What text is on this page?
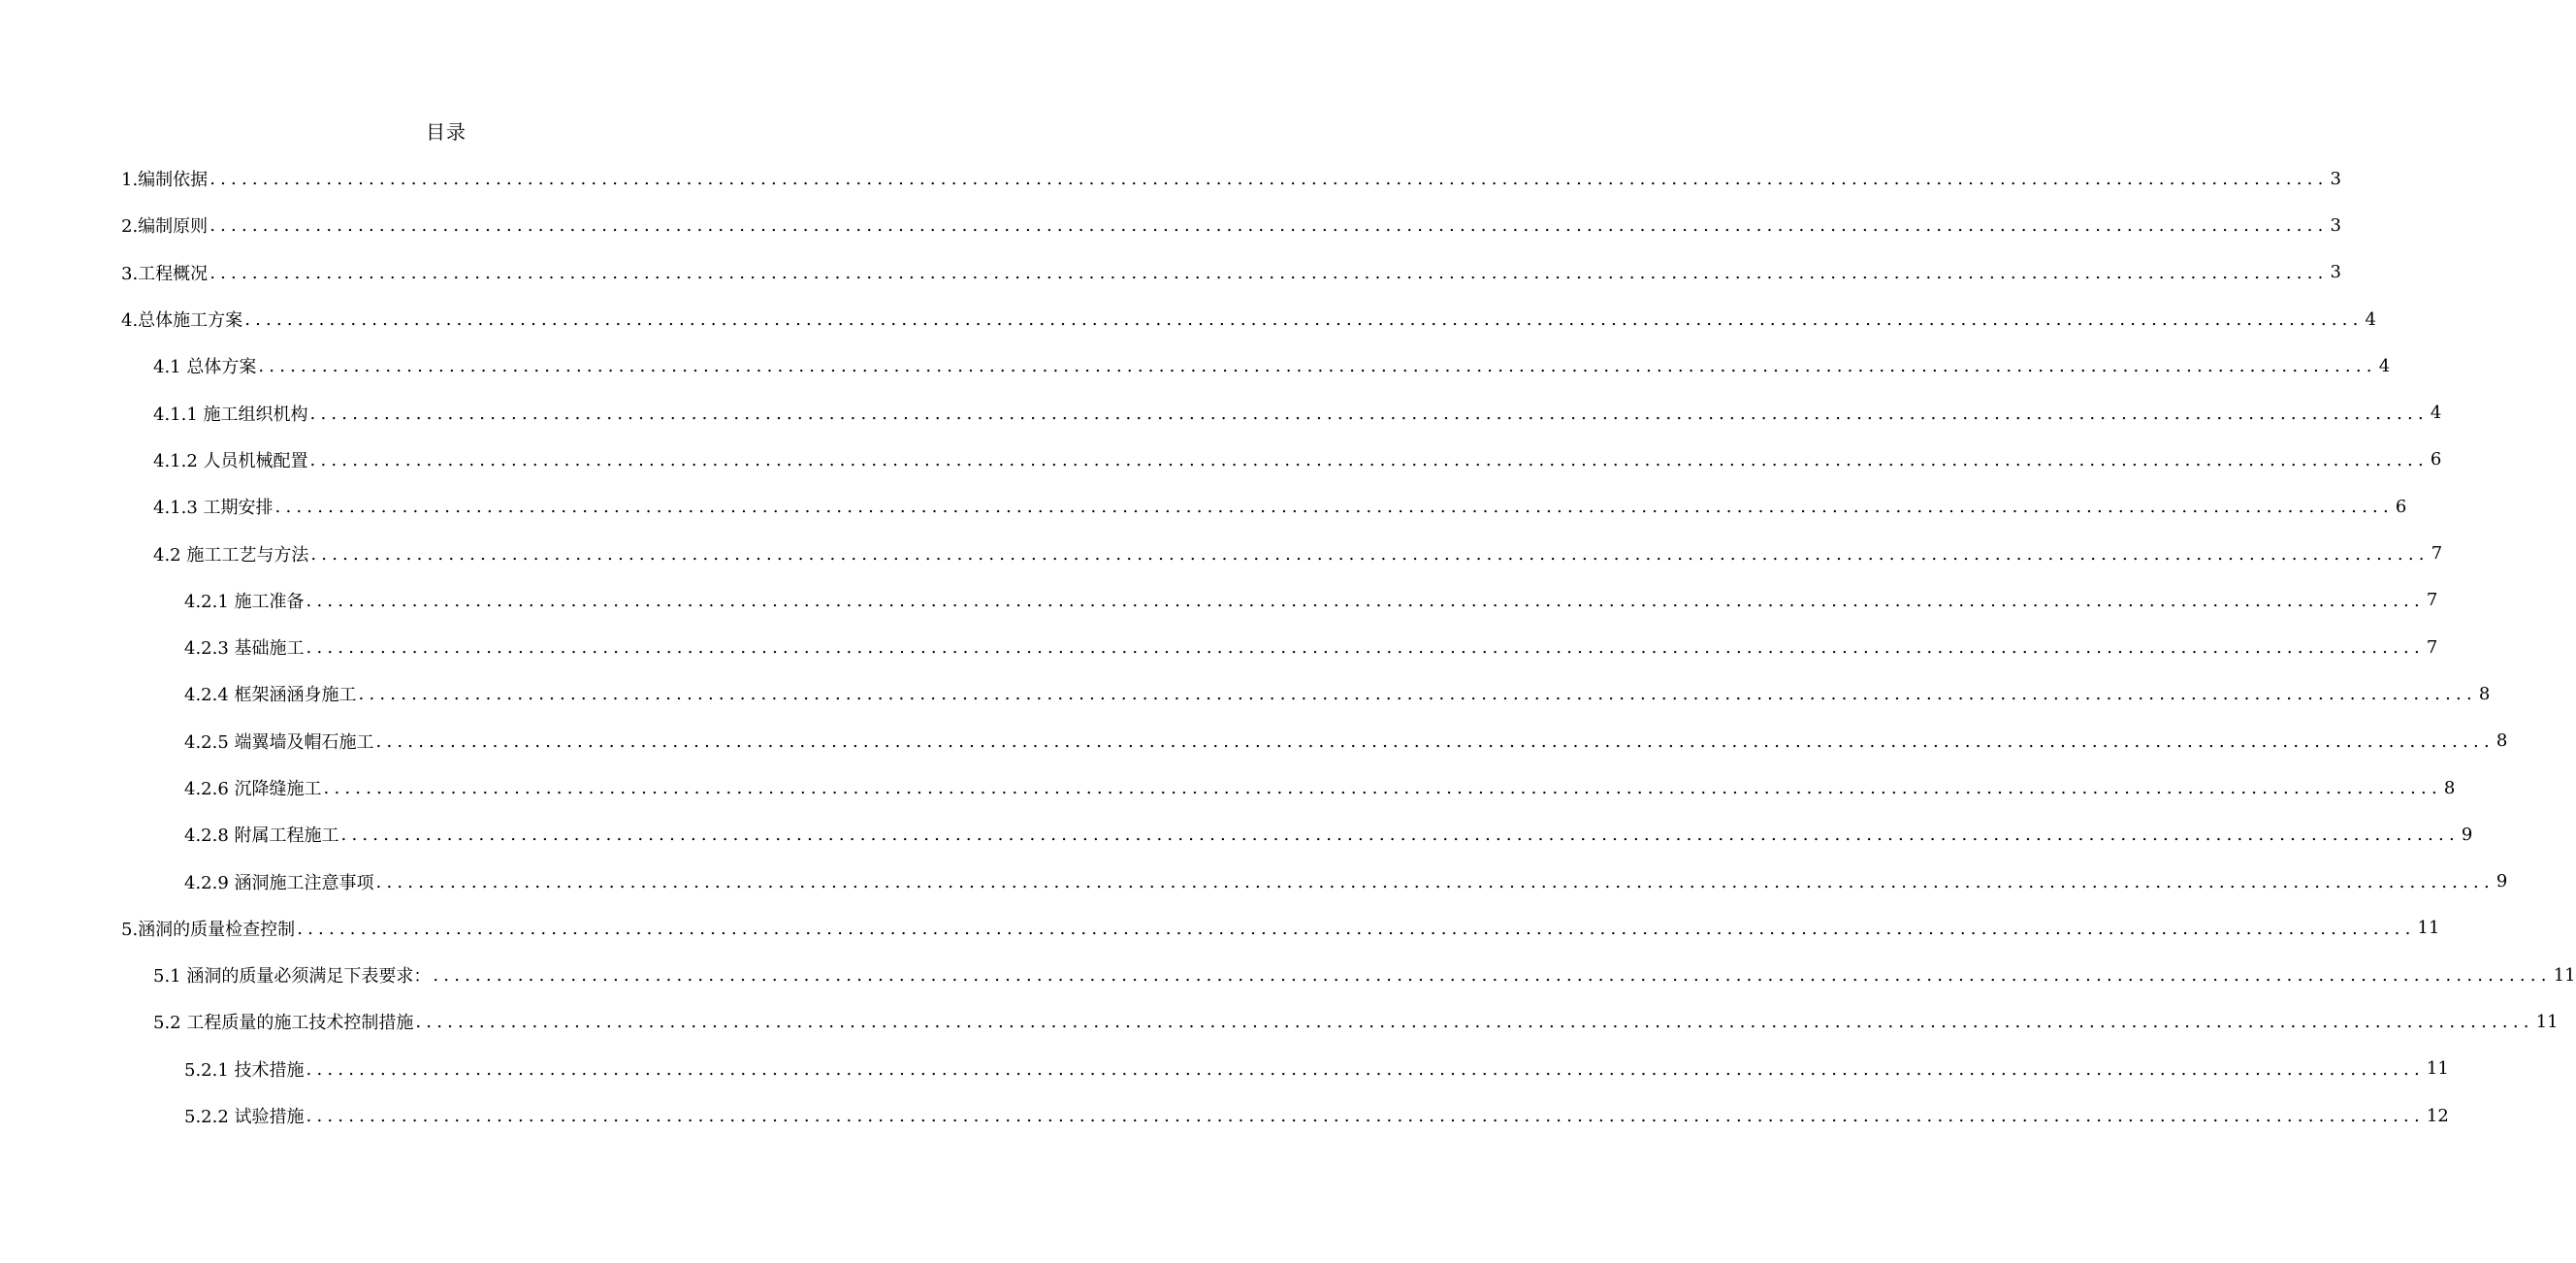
目录
1.编制依据 ........................................................................................................................................................................................................ 3
2.编制原则 ........................................................................................................................................................................................................ 3
3.工程概况 ........................................................................................................................................................................................................ 3
4.总体施工方案 ........................................................................................................................................................................................................ 4
4.1 总体方案 ........................................................................................................................................................................................................ 4
4.1.1 施工组织机构 ........................................................................................................................................................................................................ 4
4.1.2 人员机械配置 ........................................................................................................................................................................................................ 6
4.1.3 工期安排 ........................................................................................................................................................................................................ 6
4.2 施工工艺与方法 ........................................................................................................................................................................................................ 7
4.2.1 施工准备 ........................................................................................................................................................................................................ 7
4.2.3 基础施工 ........................................................................................................................................................................................................ 7
4.2.4 框架涵涵身施工 ........................................................................................................................................................................................................ 8
4.2.5 端翼墙及帽石施工 ........................................................................................................................................................................................................ 8
4.2.6 沉降缝施工 ........................................................................................................................................................................................................ 8
4.2.8 附属工程施工 ........................................................................................................................................................................................................ 9
4.2.9 涵洞施工注意事项 ........................................................................................................................................................................................................ 9
5.涵洞的质量检查控制 ........................................................................................................................................................................................................ 11
5.1 涵洞的质量必须满足下表要求： ........................................................................................................................................................................................................ 11
5.2 工程质量的施工技术控制措施 ........................................................................................................................................................................................................ 11
5.2.1 技术措施 ........................................................................................................................................................................................................ 11
5.2.2 试验措施 ........................................................................................................................................................................................................ 12
